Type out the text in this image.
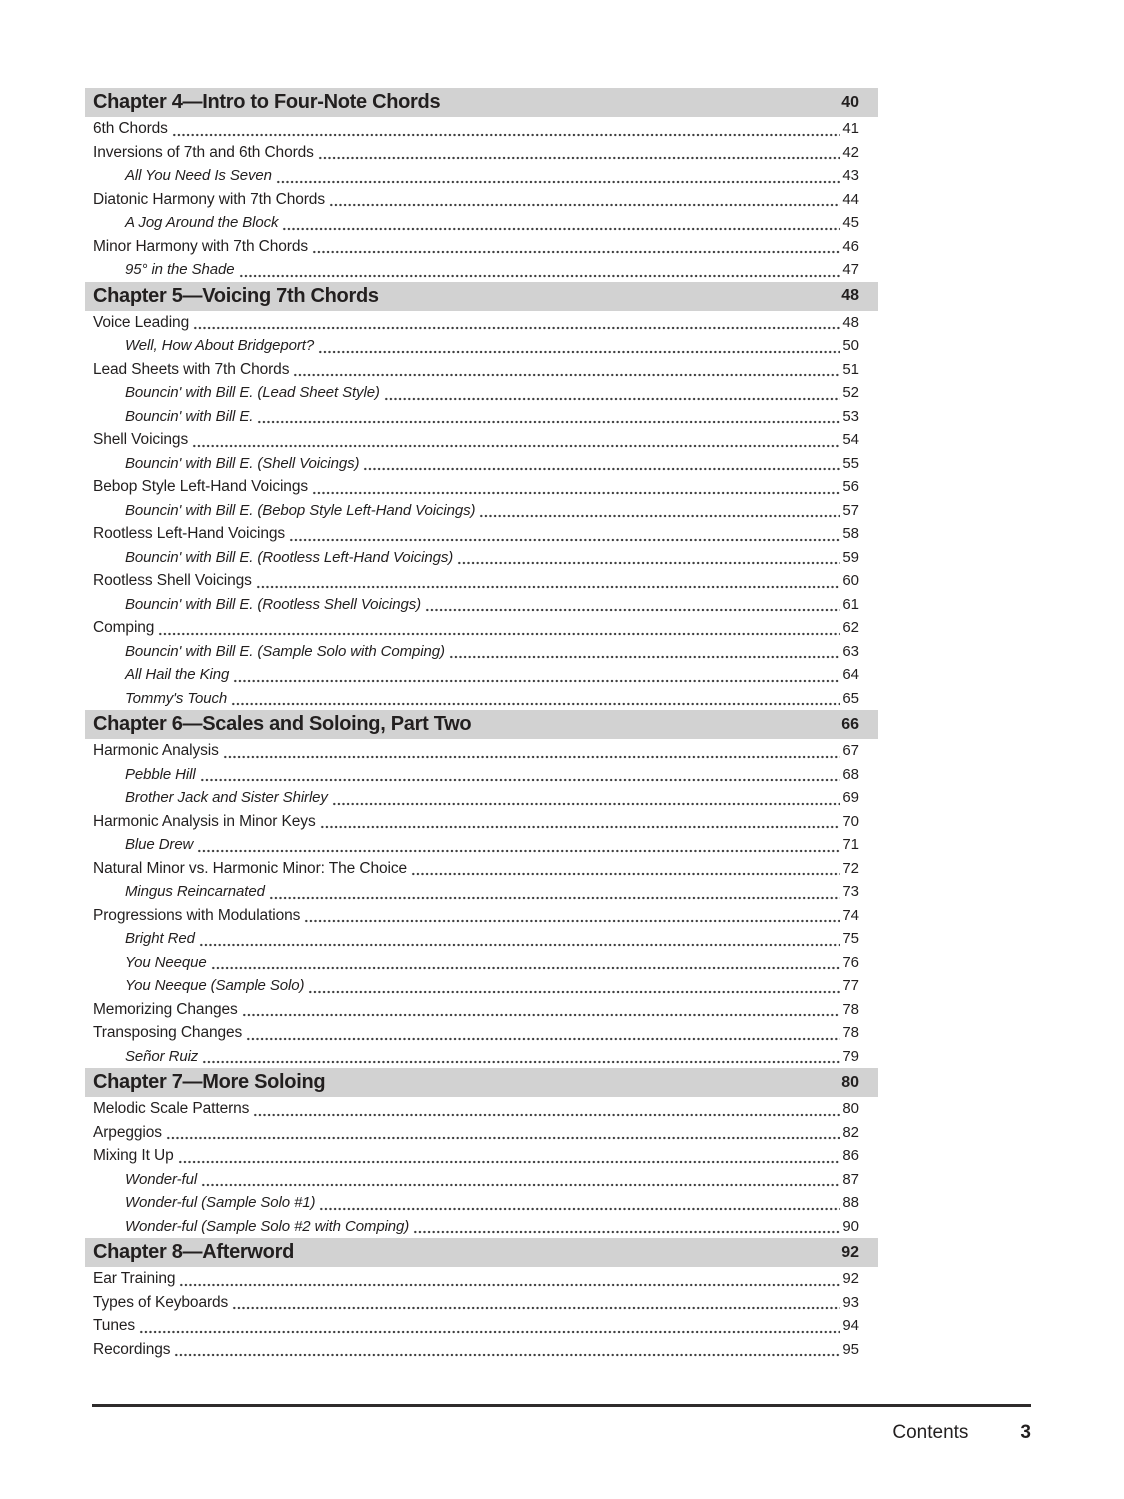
Chapter 4—Intro to Four-Note Chords	40
6th Chords	41
Inversions of 7th and 6th Chords	42
All You Need Is Seven	43
Diatonic Harmony with 7th Chords	44
A Jog Around the Block	45
Minor Harmony with 7th Chords	46
95° in the Shade	47
Chapter 5—Voicing 7th Chords	48
Voice Leading	48
Well, How About Bridgeport?	50
Lead Sheets with 7th Chords	51
Bouncin' with Bill E. (Lead Sheet Style)	52
Bouncin' with Bill E.	53
Shell Voicings	54
Bouncin' with Bill E. (Shell Voicings)	55
Bebop Style Left-Hand Voicings	56
Bouncin' with Bill E. (Bebop Style Left-Hand Voicings)	57
Rootless Left-Hand Voicings	58
Bouncin' with Bill E. (Rootless Left-Hand Voicings)	59
Rootless Shell Voicings	60
Bouncin' with Bill E. (Rootless Shell Voicings)	61
Comping	62
Bouncin' with Bill E. (Sample Solo with Comping)	63
All Hail the King	64
Tommy's Touch	65
Chapter 6—Scales and Soloing, Part Two	66
Harmonic Analysis	67
Pebble Hill	68
Brother Jack and Sister Shirley	69
Harmonic Analysis in Minor Keys	70
Blue Drew	71
Natural Minor vs. Harmonic Minor: The Choice	72
Mingus Reincarnated	73
Progressions with Modulations	74
Bright Red	75
You Neeque	76
You Neeque (Sample Solo)	77
Memorizing Changes	78
Transposing Changes	78
Señor Ruiz	79
Chapter 7—More Soloing	80
Melodic Scale Patterns	80
Arpeggios	82
Mixing It Up	86
Wonder-ful	87
Wonder-ful (Sample Solo #1)	88
Wonder-ful (Sample Solo #2 with Comping)	90
Chapter 8—Afterword	92
Ear Training	92
Types of Keyboards	93
Tunes	94
Recordings	95
Contents	3
